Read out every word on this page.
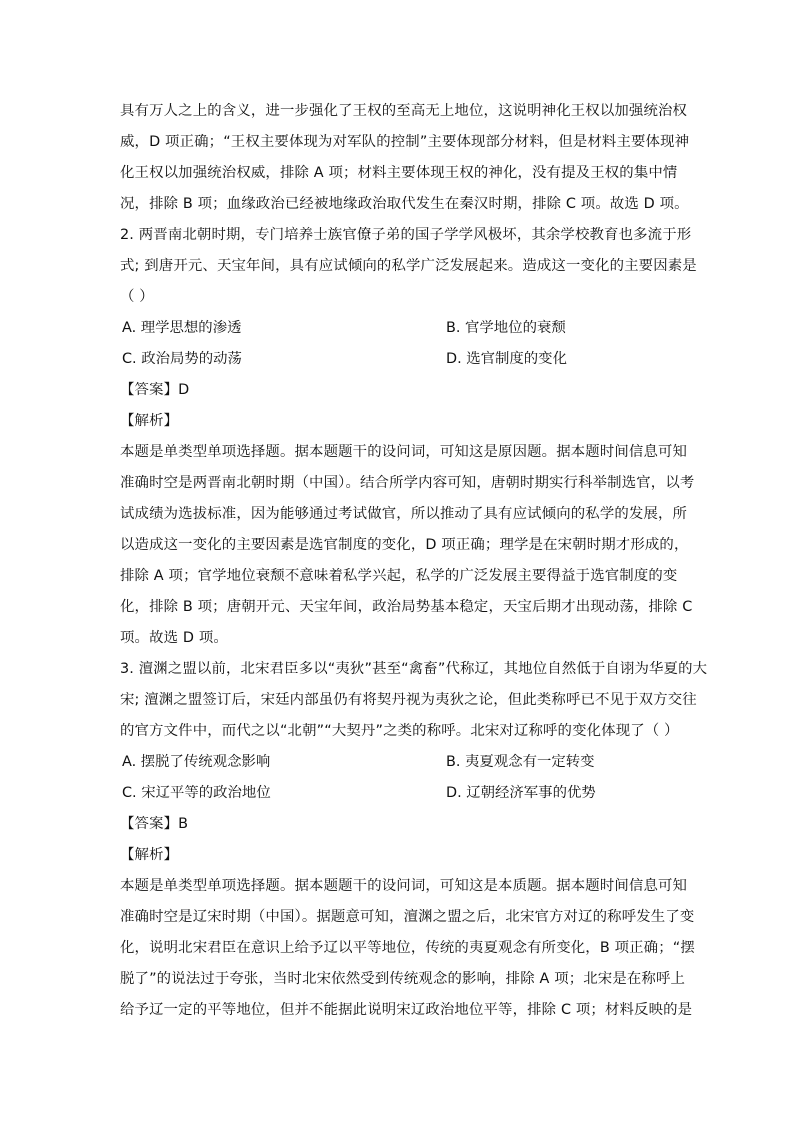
具有万人之上的含义，进一步强化了王权的至高无上地位，这说明神化王权以加强统治权
威，D 项正确；“王权主要体现为对军队的控制”主要体现部分材料，但是材料主要体现神
化王权以加强统治权威，排除 A 项；材料主要体现王权的神化，没有提及王权的集中情
况，排除 B 项；血缘政治已经被地缘政治取代发生在秦汉时期，排除 C 项。故选 D 项。
2. 两晋南北朝时期，专门培养士族官僚子弟的国子学学风极坏，其余学校教育也多流于形
式; 到唐开元、天宝年间，具有应试倾向的私学广泛发展起来。造成这一变化的主要因素是
（ ）
A. 理学思想的渗透	B. 官学地位的衰颓
C. 政治局势的动荡	D. 选官制度的变化
【答案】D
【解析】
本题是单类型单项选择题。据本题题干的设问词，可知这是原因题。据本题时间信息可知
准确时空是两晋南北朝时期（中国）。结合所学内容可知，唐朝时期实行科举制选官，以考
试成绩为选拔标准，因为能够通过考试做官，所以推动了具有应试倾向的私学的发展，所
以造成这一变化的主要因素是选官制度的变化，D 项正确；理学是在宋朝时期才形成的，
排除 A 项；官学地位衰颓不意味着私学兴起，私学的广泛发展主要得益于选官制度的变
化，排除 B 项；唐朝开元、天宝年间，政治局势基本稳定，天宝后期才出现动荡，排除 C
项。故选 D 项。
3. 澶渊之盟以前，北宋君臣多以“夷狄”甚至“禽畜”代称辽，其地位自然低于自诩为华夏的大
宋; 澶渊之盟签订后，宋廷内部虽仍有将契丹视为夷狄之论，但此类称呼已不见于双方交往
的官方文件中，而代之以“北朝”“大契丹”之类的称呼。北宋对辽称呼的变化体现了（ ）
A. 摆脱了传统观念影响	B. 夷夏观念有一定转变
C. 宋辽平等的政治地位	D. 辽朝经济军事的优势
【答案】B
【解析】
本题是单类型单项选择题。据本题题干的设问词，可知这是本质题。据本题时间信息可知
准确时空是辽宋时期（中国）。据题意可知，澶渊之盟之后，北宋官方对辽的称呼发生了变
化，说明北宋君臣在意识上给予辽以平等地位，传统的夷夏观念有所变化，B 项正确；“摆
脱了”的说法过于夸张，当时北宋依然受到传统观念的影响，排除 A 项；北宋是在称呼上
给予辽一定的平等地位，但并不能据此说明宋辽政治地位平等，排除 C 项；材料反映的是
